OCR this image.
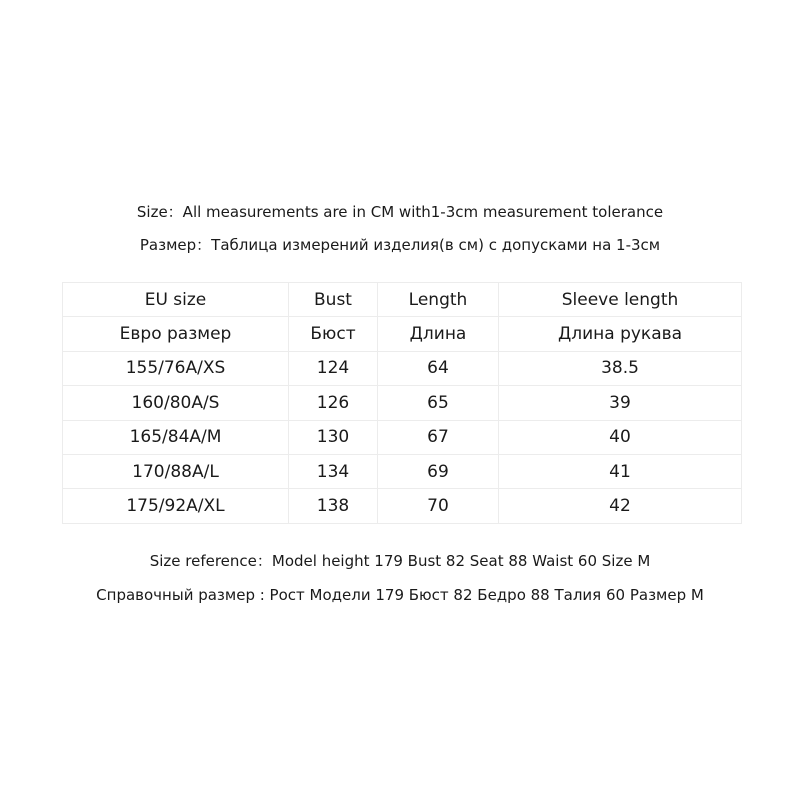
Size：All measurements are in CM with1-3cm measurement tolerance
Размер：Таблица измерений изделия(в см) с допусками на 1-3см
EU size	Bust	Length	Sleeve length
Евро размер	Бюст	Длина	Длина рукава
155/76A/XS	124	64	38.5
160/80A/S	126	65	39
165/84A/M	130	67	40
170/88A/L	134	69	41
175/92A/XL	138	70	42
Size reference：Model height 179 Bust 82 Seat 88 Waist 60 Size M
Справочный размер : Рост Модели 179 Бюст 82 Бедро 88 Талия 60 Размер M
